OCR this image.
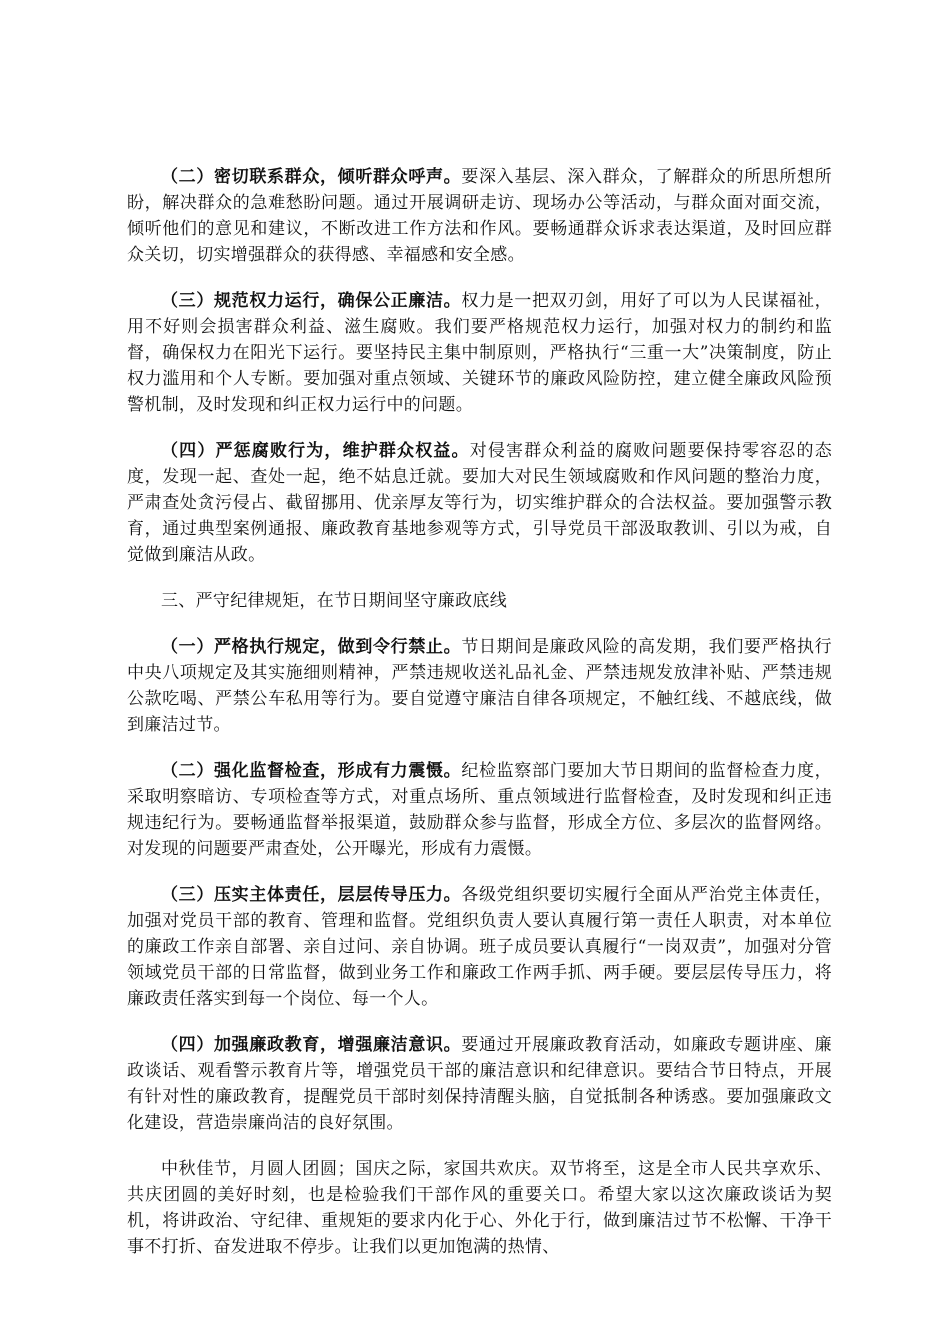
（二）密切联系群众，倾听群众呼声。要深入基层、深入群众，了解群众的所思所想所盼，解决群众的急难愁盼问题。通过开展调研走访、现场办公等活动，与群众面对面交流，倾听他们的意见和建议，不断改进工作方法和作风。要畅通群众诉求表达渠道，及时回应群众关切，切实增强群众的获得感、幸福感和安全感。

（三）规范权力运行，确保公正廉洁。权力是一把双刃剑，用好了可以为人民谋福祉，用不好则会损害群众利益、滋生腐败。我们要严格规范权力运行，加强对权力的制约和监督，确保权力在阳光下运行。要坚持民主集中制原则，严格执行“三重一大”决策制度，防止权力滥用和个人专断。要加强对重点领域、关键环节的廉政风险防控，建立健全廉政风险预警机制，及时发现和纠正权力运行中的问题。

（四）严惩腐败行为，维护群众权益。对侵害群众利益的腐败问题要保持零容忍的态度，发现一起、查处一起，绝不姑息迁就。要加大对民生领域腐败和作风问题的整治力度，严肃查处贪污侵占、截留挪用、优亲厚友等行为，切实维护群众的合法权益。要加强警示教育，通过典型案例通报、廉政教育基地参观等方式，引导党员干部汲取教训、引以为戒，自觉做到廉洁从政。

三、严守纪律规矩，在节日期间坚守廉政底线

（一）严格执行规定，做到令行禁止。节日期间是廉政风险的高发期，我们要严格执行中央八项规定及其实施细则精神，严禁违规收送礼品礼金、严禁违规发放津补贴、严禁违规公款吃喝、严禁公车私用等行为。要自觉遵守廉洁自律各项规定，不触红线、不越底线，做到廉洁过节。

（二）强化监督检查，形成有力震慑。纪检监察部门要加大节日期间的监督检查力度，采取明察暗访、专项检查等方式，对重点场所、重点领域进行监督检查，及时发现和纠正违规违纪行为。要畅通监督举报渠道，鼓励群众参与监督，形成全方位、多层次的监督网络。对发现的问题要严肃查处，公开曝光，形成有力震慑。

（三）压实主体责任，层层传导压力。各级党组织要切实履行全面从严治党主体责任，加强对党员干部的教育、管理和监督。党组织负责人要认真履行第一责任人职责，对本单位的廉政工作亲自部署、亲自过问、亲自协调。班子成员要认真履行“一岗双责”，加强对分管领域党员干部的日常监督，做到业务工作和廉政工作两手抓、两手硬。要层层传导压力，将廉政责任落实到每一个岗位、每一个人。

（四）加强廉政教育，增强廉洁意识。要通过开展廉政教育活动，如廉政专题讲座、廉政谈话、观看警示教育片等，增强党员干部的廉洁意识和纪律意识。要结合节日特点，开展有针对性的廉政教育，提醒党员干部时刻保持清醒头脑，自觉抵制各种诱惑。要加强廉政文化建设，营造崇廉尚洁的良好氛围。

中秋佳节，月圆人团圆；国庆之际，家国共欢庆。双节将至，这是全市人民共享欢乐、共庆团圆的美好时刻，也是检验我们干部作风的重要关口。希望大家以这次廉政谈话为契机，将讲政治、守纪律、重规矩的要求内化于心、外化于行，做到廉洁过节不松懈、干净干事不打折、奋发进取不停步。让我们以更加饱满的热情、
